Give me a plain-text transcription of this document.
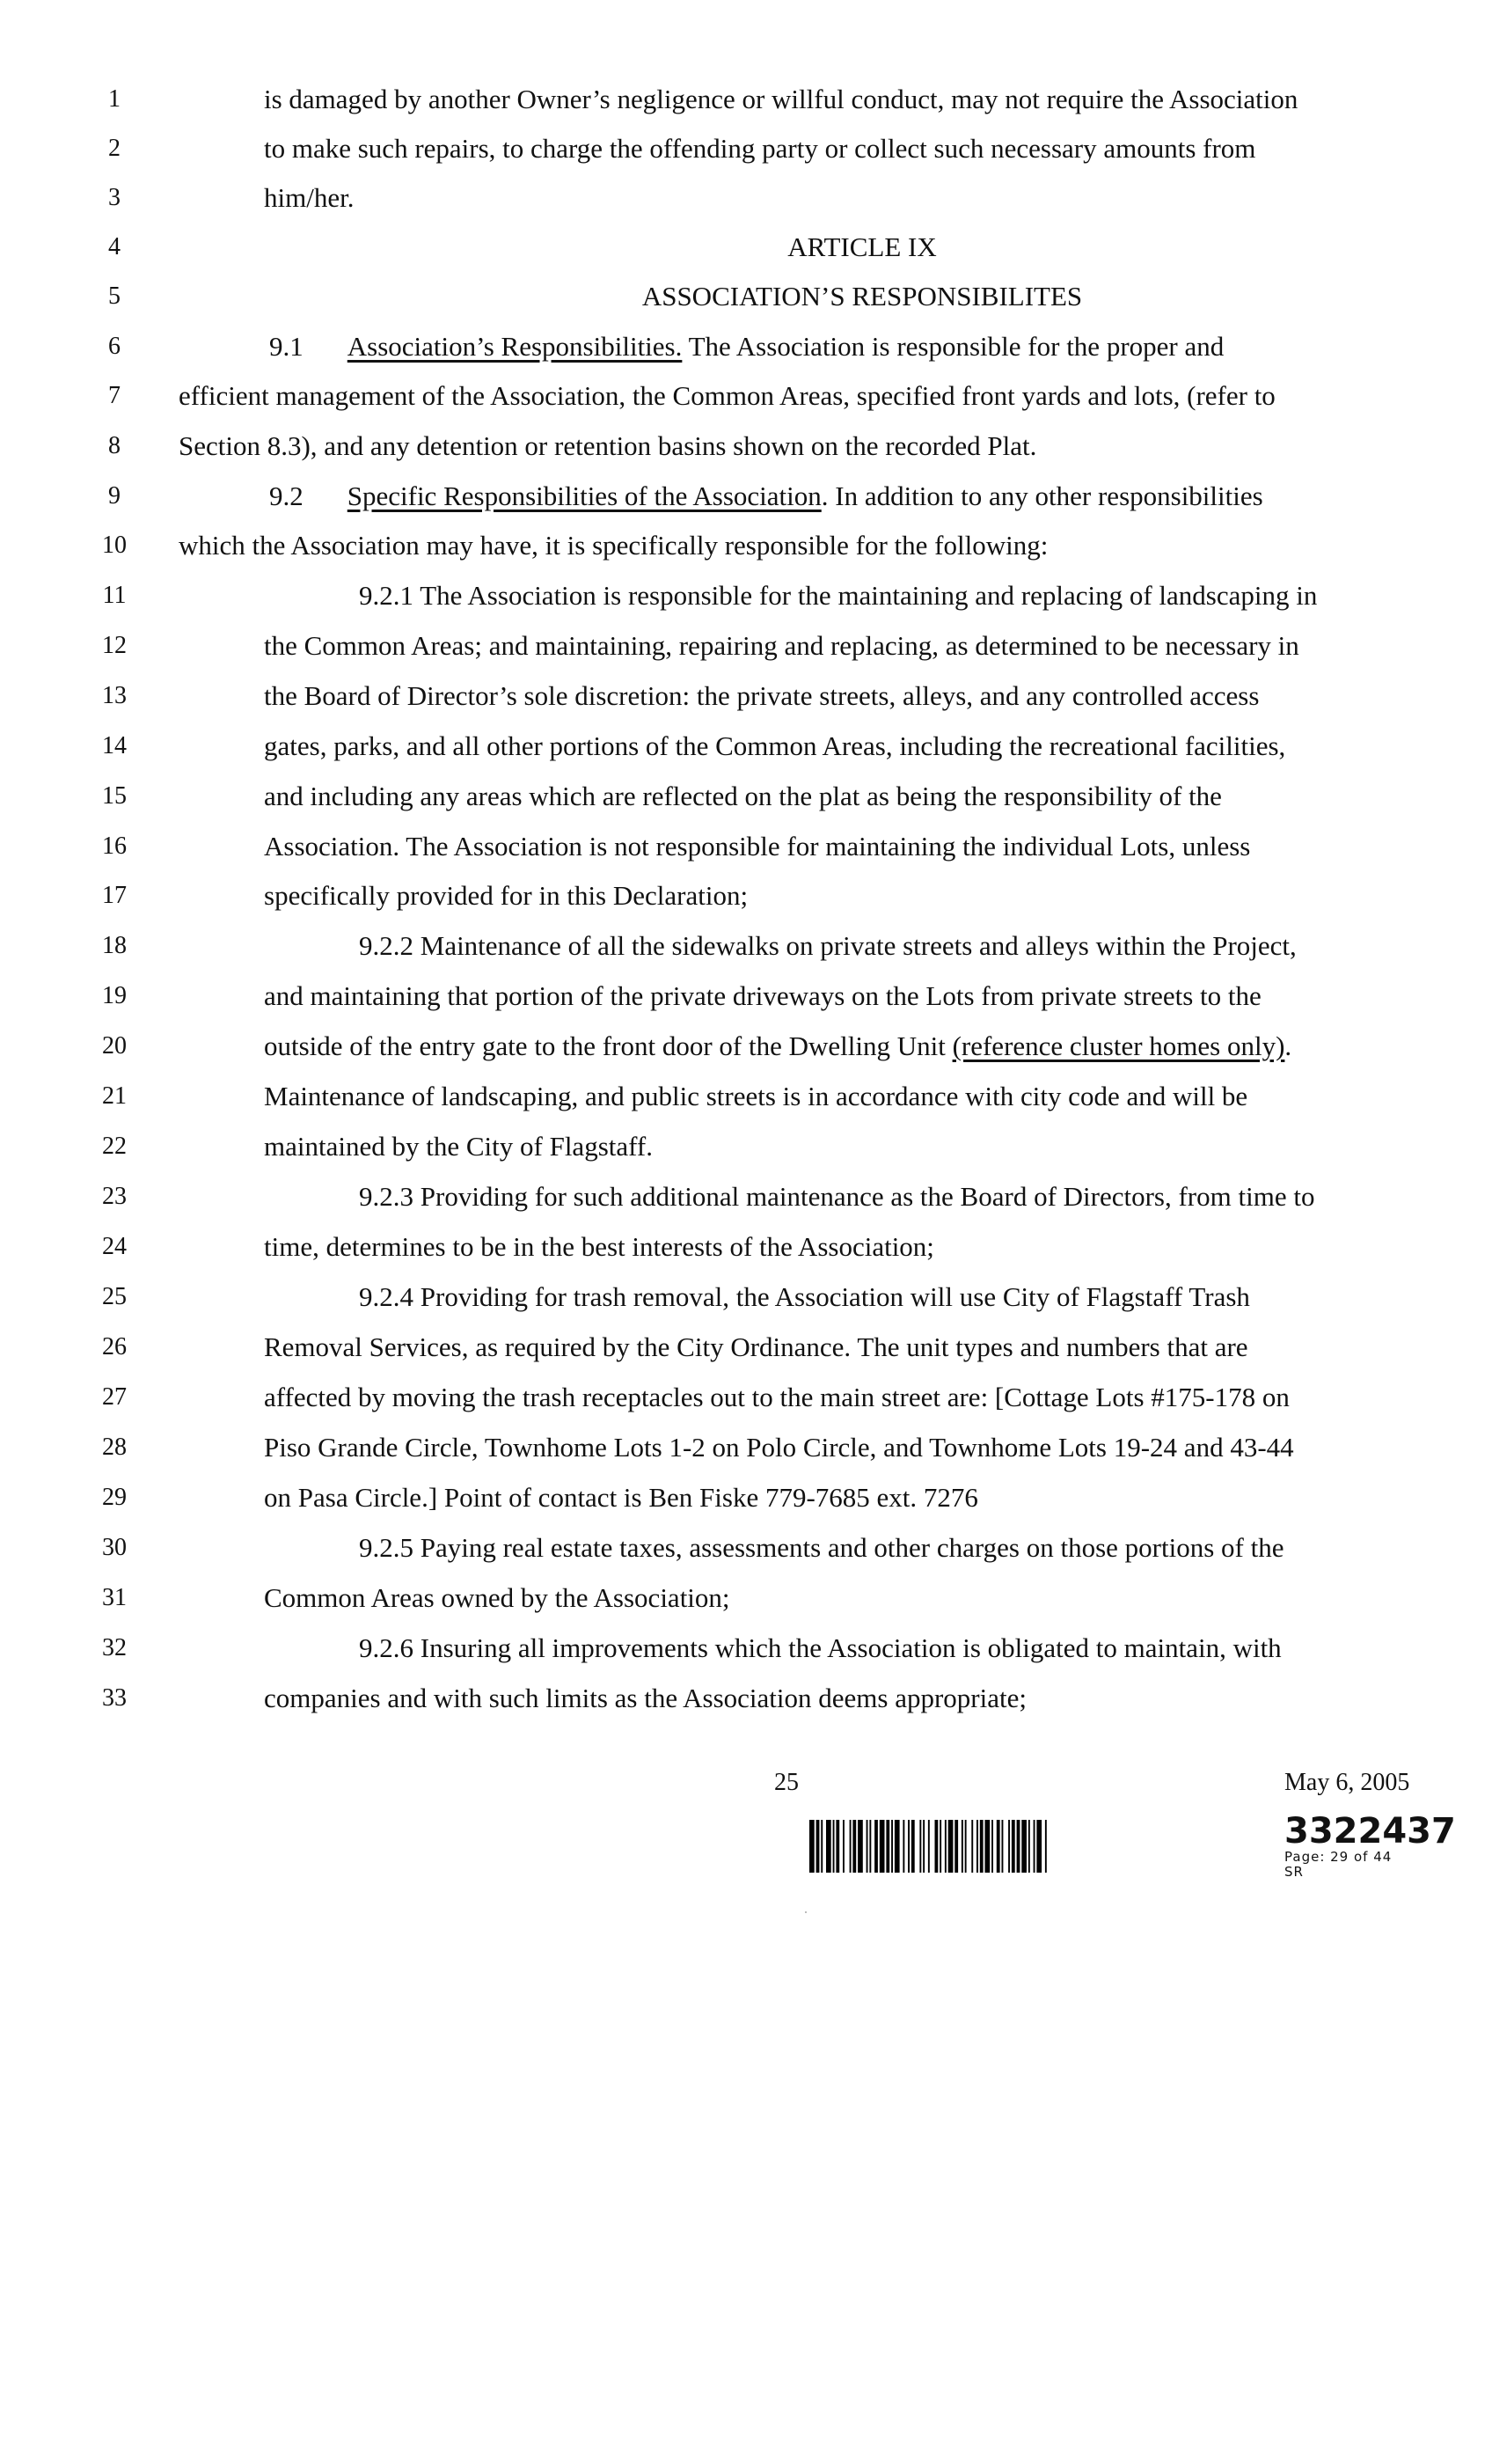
1
2
3
4
5
6
7
8
9
10
11
12
13
14
15
16
17
18
19
20
21
22
23
24
25
26
27
28
29
30
31
32
33
is damaged by another Owner’s negligence or willful conduct, may not require the Association
to make such repairs, to charge the offending party or collect such necessary amounts from
him/her.
ARTICLE IX
ASSOCIATION’S RESPONSIBILITES
9.1 Association’s Responsibilities. The Association is responsible for the proper and
efficient management of the Association, the Common Areas, specified front yards and lots, (refer to
Section 8.3), and any detention or retention basins shown on the recorded Plat.
9.2 Specific Responsibilities of the Association. In addition to any other responsibilities
which the Association may have, it is specifically responsible for the following:
9.2.1 The Association is responsible for the maintaining and replacing of landscaping in
the Common Areas; and maintaining, repairing and replacing, as determined to be necessary in
the Board of Director’s sole discretion: the private streets, alleys, and any controlled access
gates, parks, and all other portions of the Common Areas, including the recreational facilities,
and including any areas which are reflected on the plat as being the responsibility of the
Association. The Association is not responsible for maintaining the individual Lots, unless
specifically provided for in this Declaration;
9.2.2 Maintenance of all the sidewalks on private streets and alleys within the Project,
and maintaining that portion of the private driveways on the Lots from private streets to the
outside of the entry gate to the front door of the Dwelling Unit (reference cluster homes only).
Maintenance of landscaping, and public streets is in accordance with city code and will be
maintained by the City of Flagstaff.
9.2.3 Providing for such additional maintenance as the Board of Directors, from time to
time, determines to be in the best interests of the Association;
9.2.4 Providing for trash removal, the Association will use City of Flagstaff Trash
Removal Services, as required by the City Ordinance. The unit types and numbers that are
affected by moving the trash receptacles out to the main street are: [Cottage Lots #175-178 on
Piso Grande Circle, Townhome Lots 1-2 on Polo Circle, and Townhome Lots 19-24 and 43-44
on Pasa Circle.] Point of contact is Ben Fiske 779-7685 ext. 7276
9.2.5 Paying real estate taxes, assessments and other charges on those portions of the
Common Areas owned by the Association;
9.2.6 Insuring all improvements which the Association is obligated to maintain, with
companies and with such limits as the Association deems appropriate;
25	May 6, 2005
3322437
Page: 29 of 44
SR
